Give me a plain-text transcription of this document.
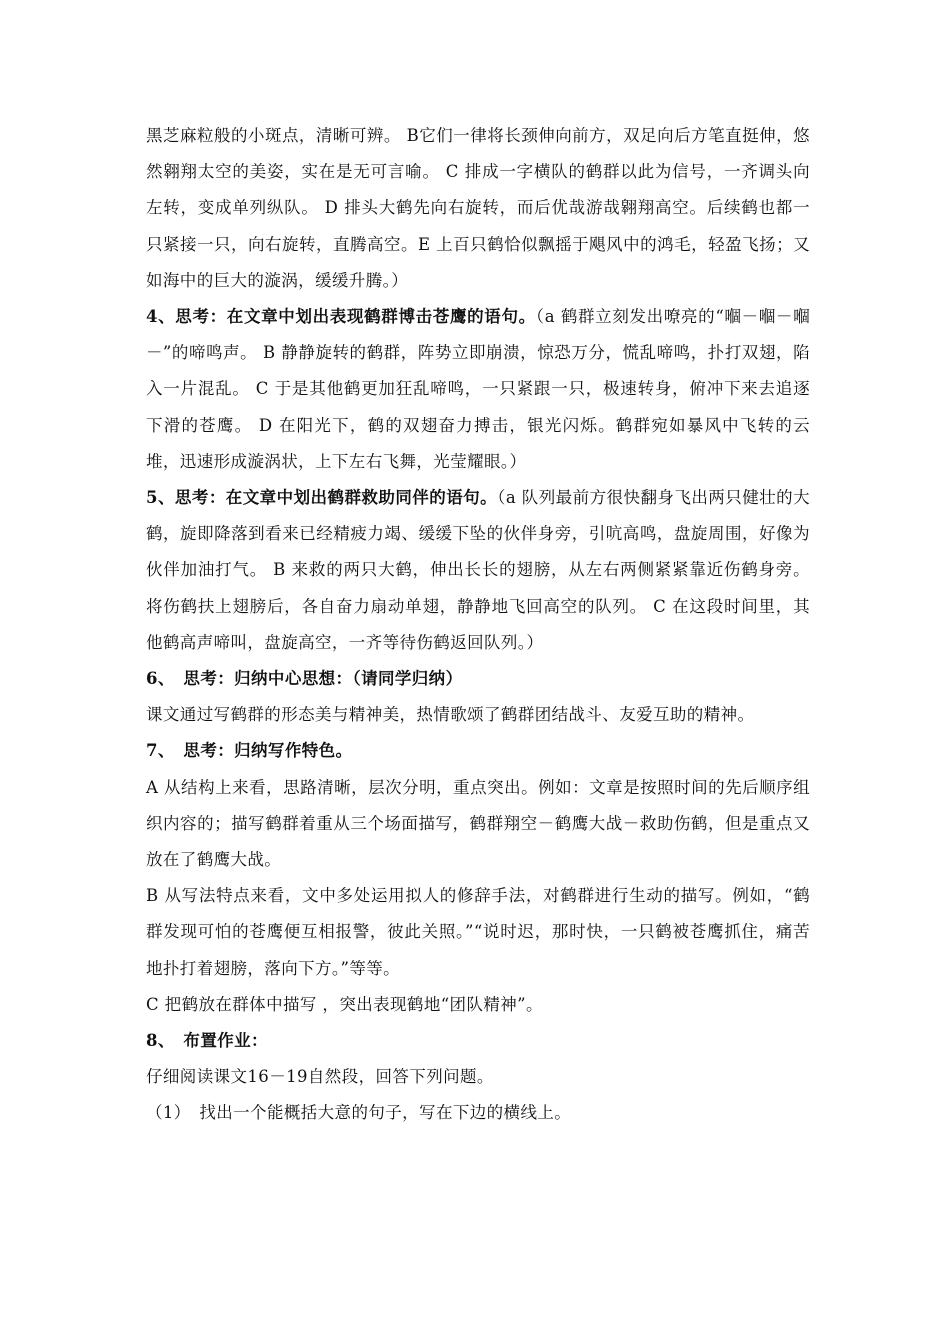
黑芝麻粒般的小斑点，清晰可辨。 B它们一律将长颈伸向前方，双足向后方笔直挺伸，悠然翱翔太空的美姿，实在是无可言喻。 C 排成一字横队的鹤群以此为信号，一齐调头向左转，变成单列纵队。 D 排头大鹤先向右旋转，而后优哉游哉翱翔高空。后续鹤也都一只紧接一只，向右旋转，直腾高空。E 上百只鹤恰似飘摇于飓风中的鸿毛，轻盈飞扬；又如海中的巨大的漩涡，缓缓升腾。）

4、思考：在文章中划出表现鹤群博击苍鹰的语句。（a 鹤群立刻发出嘹亮的“嗰－嗰－嗰－”的啼鸣声。 B 静静旋转的鹤群，阵势立即崩溃，惊恐万分，慌乱啼鸣，扑打双翅，陷入一片混乱。 C 于是其他鹤更加狂乱啼鸣，一只紧跟一只，极速转身，俯冲下来去追逐下滑的苍鹰。 D 在阳光下，鹤的双翅奋力搏击，银光闪烁。鹤群宛如暴风中飞转的云堆，迅速形成漩涡状，上下左右飞舞，光莹耀眼。）

5、思考：在文章中划出鹤群救助同伴的语句。（a 队列最前方很快翻身飞出两只健壮的大鹤，旋即降落到看来已经精疲力竭、缓缓下坠的伙伴身旁，引吭高鸣，盘旋周围，好像为伙伴加油打气。 B 来救的两只大鹤，伸出长长的翅膀，从左右两侧紧紧靠近伤鹤身旁。将伤鹤扶上翅膀后，各自奋力扇动单翅，静静地飞回高空的队列。 C 在这段时间里，其他鹤高声啼叫，盘旋高空，一齐等待伤鹤返回队列。）

6、　思考：归纳中心思想：（请同学归纳）

课文通过写鹤群的形态美与精神美，热情歌颂了鹤群团结战斗、友爱互助的精神。

7、　思考：归纳写作特色。

A 从结构上来看，思路清晰，层次分明，重点突出。例如：文章是按照时间的先后顺序组织内容的；描写鹤群着重从三个场面描写，鹤群翔空－鹤鹰大战－救助伤鹤，但是重点又放在了鹤鹰大战。

B 从写法特点来看，文中多处运用拟人的修辞手法，对鹤群进行生动的描写。例如，“鹤群发现可怕的苍鹰便互相报警，彼此关照。”“说时迟，那时快，一只鹤被苍鹰抓住，痛苦地扑打着翅膀，落向下方。”等等。

C 把鹤放在群体中描写 ，突出表现鹤地“团队精神”。

8、　布置作业：

仔细阅读课文16－19自然段，回答下列问题。

（1）　找出一个能概括大意的句子，写在下边的横线上。
